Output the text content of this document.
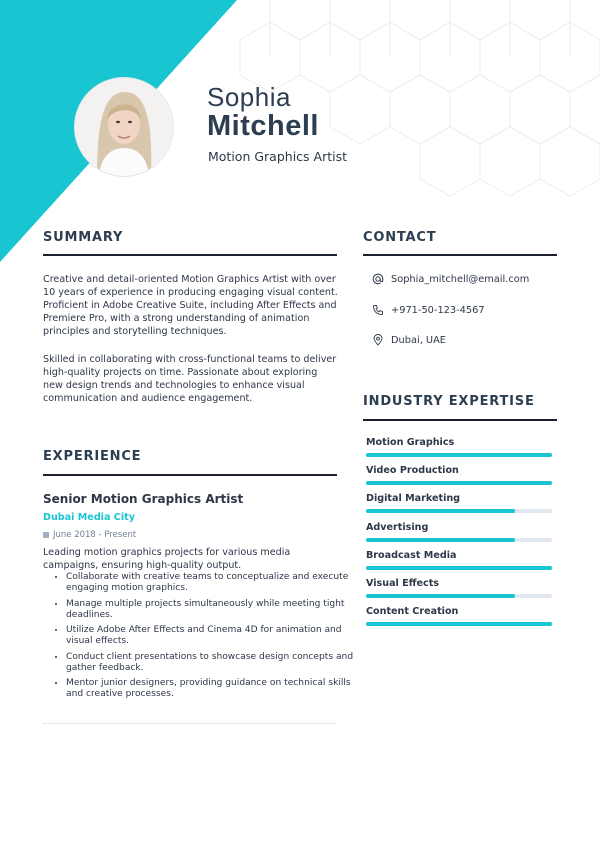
Sophia
Mitchell
Motion Graphics Artist
SUMMARY

Creative and detail-oriented Motion Graphics Artist with over 10 years of experience in producing engaging visual content. Proficient in Adobe Creative Suite, including After Effects and Premiere Pro, with a strong understanding of animation principles and storytelling techniques.

Skilled in collaborating with cross-functional teams to deliver high-quality projects on time. Passionate about exploring new design trends and technologies to enhance visual communication and audience engagement.

EXPERIENCE
Senior Motion Graphics Artist
Dubai Media City
June 2018 - Present

Leading motion graphics projects for various media campaigns, ensuring high-quality output.

• Collaborate with creative teams to conceptualize and execute engaging motion graphics.
• Manage multiple projects simultaneously while meeting tight deadlines.
• Utilize Adobe After Effects and Cinema 4D for animation and visual effects.
• Conduct client presentations to showcase design concepts and gather feedback.
• Mentor junior designers, providing guidance on technical skills and creative processes.
CONTACT
Sophia_mitchell@email.com
+971-50-123-4567
Dubai, UAE
INDUSTRY EXPERTISE
Motion Graphics
Video Production
Digital Marketing
Advertising
Broadcast Media
Visual Effects
Content Creation
